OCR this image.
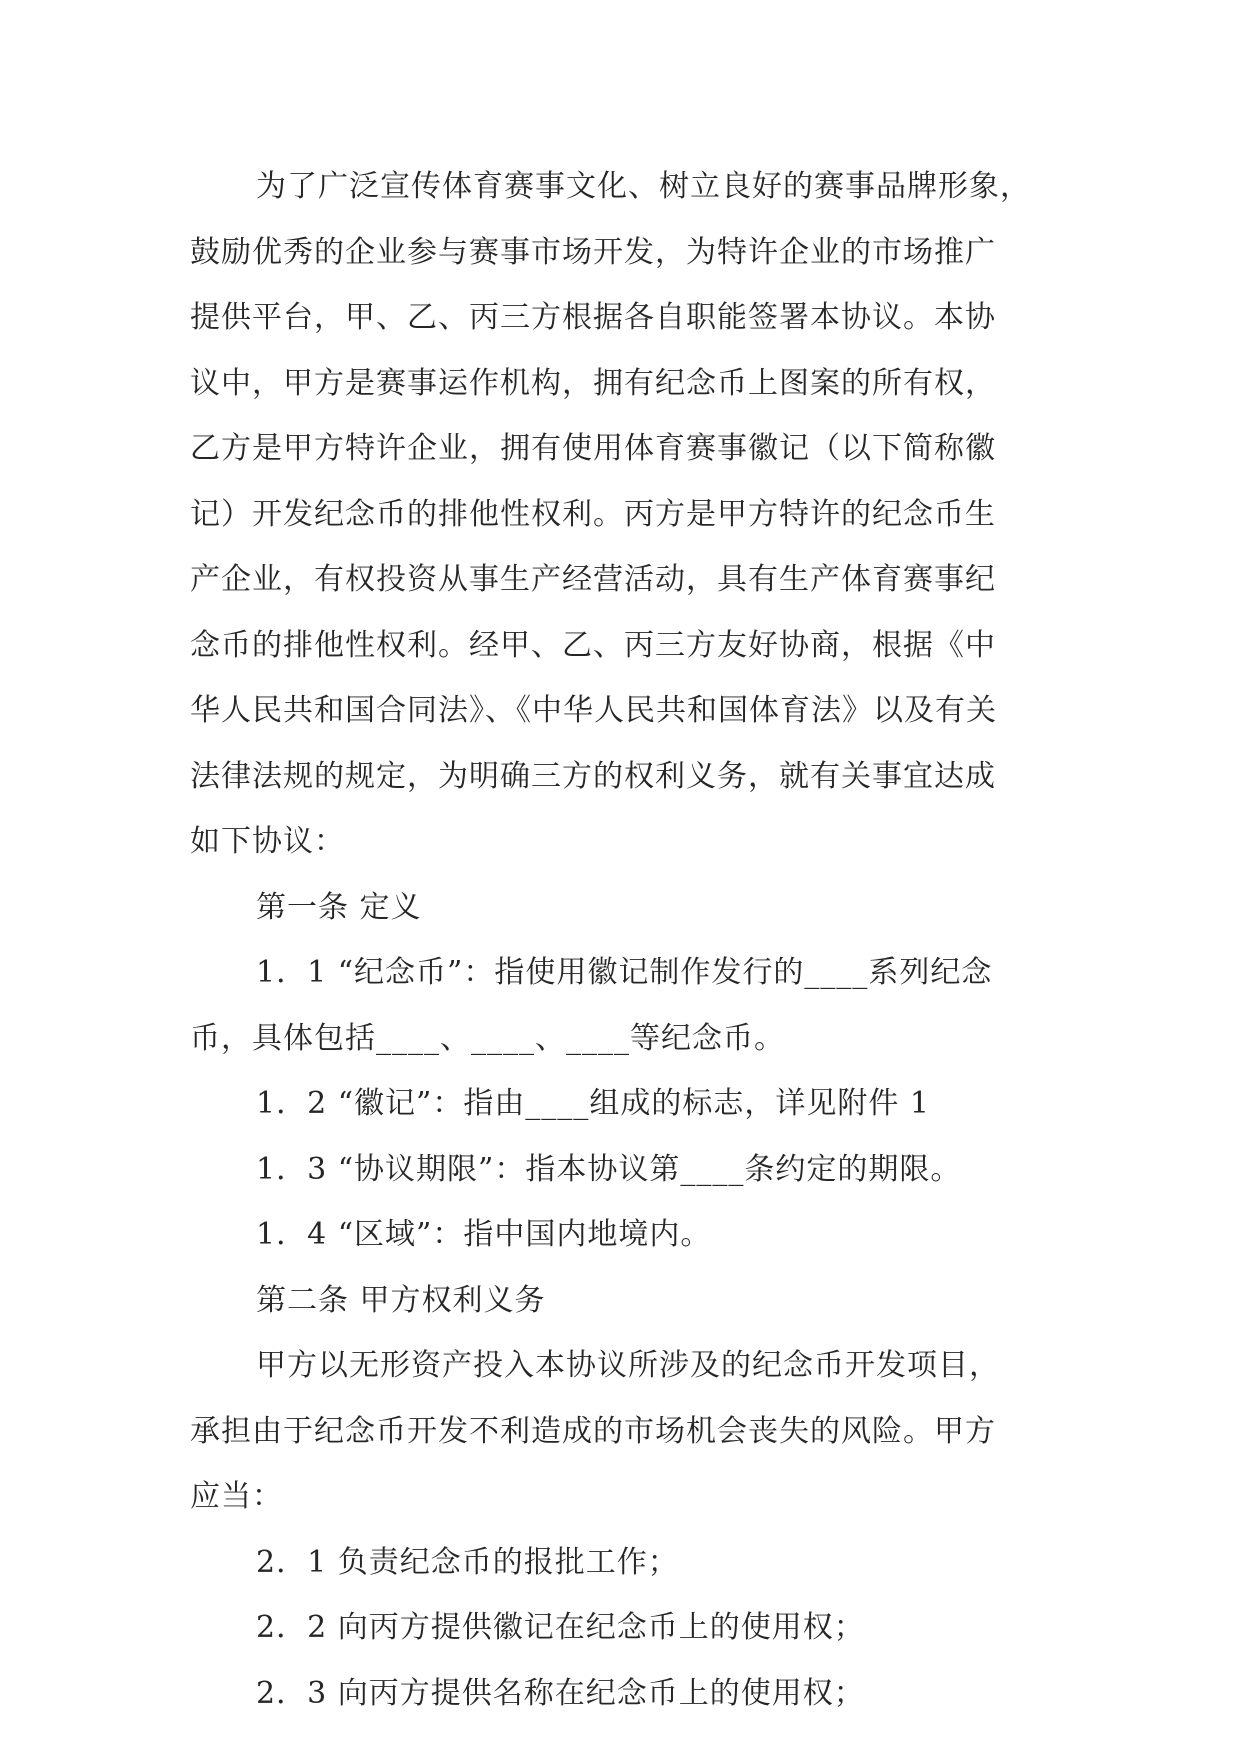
为了广泛宣传体育赛事文化、树立良好的赛事品牌形象，
鼓励优秀的企业参与赛事市场开发，为特许企业的市场推广
提供平台，甲、乙、丙三方根据各自职能签署本协议。本协
议中，甲方是赛事运作机构，拥有纪念币上图案的所有权，
乙方是甲方特许企业，拥有使用体育赛事徽记（以下简称徽
记）开发纪念币的排他性权利。丙方是甲方特许的纪念币生
产企业，有权投资从事生产经营活动，具有生产体育赛事纪
念币的排他性权利。经甲、乙、丙三方友好协商，根据《中
华人民共和国合同法》、《中华人民共和国体育法》以及有关
法律法规的规定，为明确三方的权利义务，就有关事宜达成
如下协议：
第一条 定义
1．1 “纪念币”：指使用徽记制作发行的____系列纪念
币，具体包括____、____、____等纪念币。
1．2 “徽记”：指由____组成的标志，详见附件 1
1．3 “协议期限”：指本协议第____条约定的期限。
1．4 “区域”：指中国内地境内。
第二条 甲方权利义务
甲方以无形资产投入本协议所涉及的纪念币开发项目，
承担由于纪念币开发不利造成的市场机会丧失的风险。甲方
应当：
2．1 负责纪念币的报批工作；
2．2 向丙方提供徽记在纪念币上的使用权；
2．3 向丙方提供名称在纪念币上的使用权；
